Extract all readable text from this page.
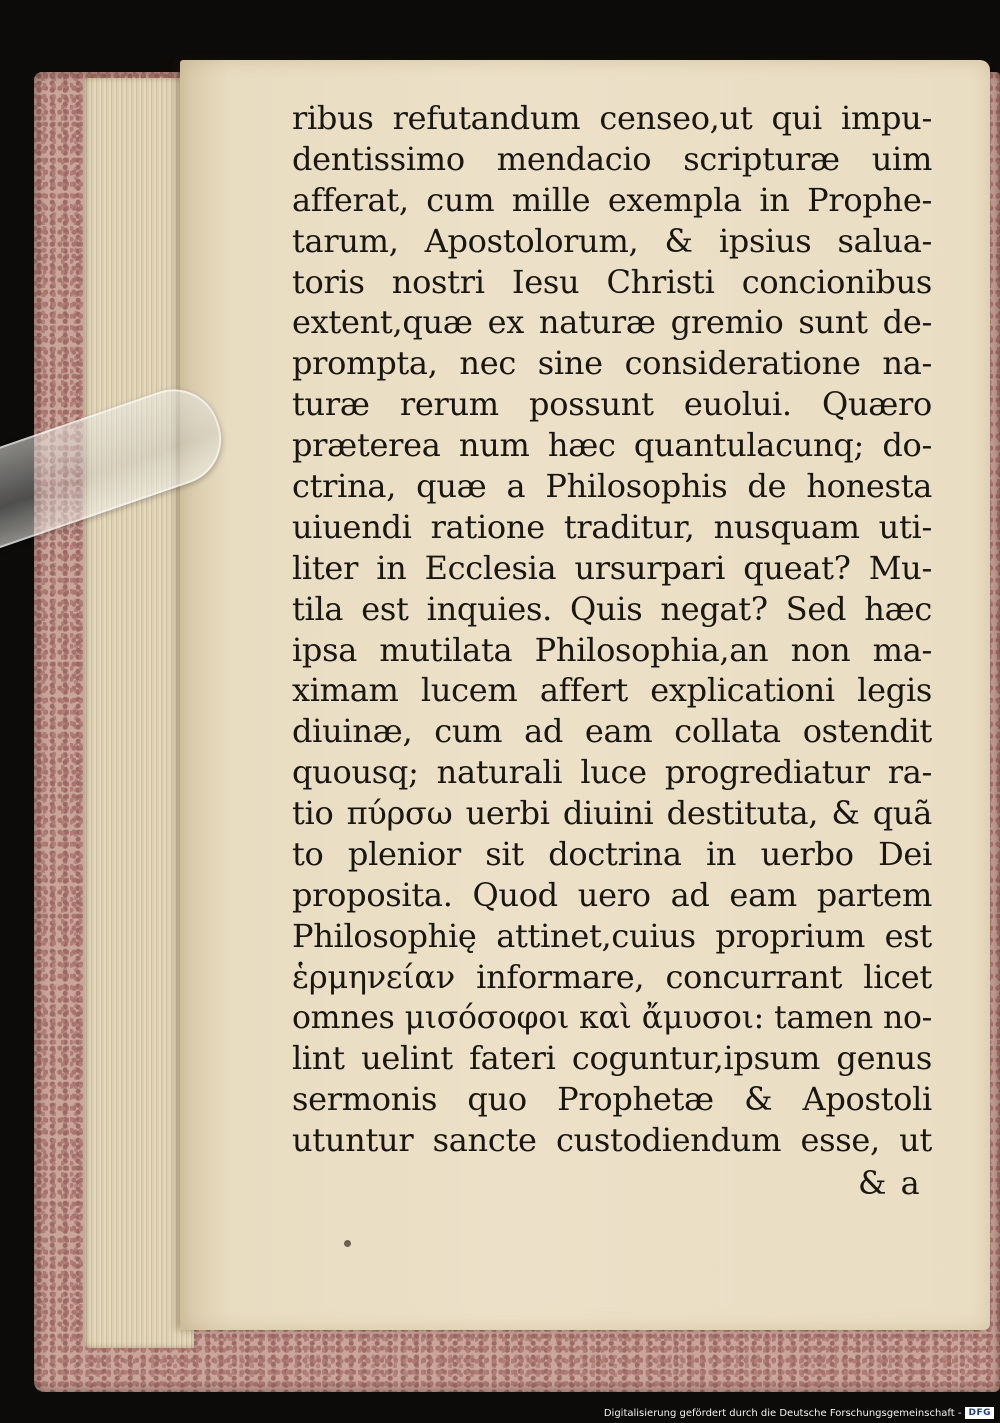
ribus refutandum censeo,ut qui impu-
dentissimo mendacio scripturæ uim
afferat, cum mille exempla in Prophe-
tarum, Apostolorum, & ipsius salua-
toris nostri Iesu Christi concionibus
extent,quæ ex naturæ gremio sunt de-
prompta, nec sine consideratione na-
turæ rerum possunt euolui. Quæro
præterea num hæc quantulacunq; do-
ctrina, quæ a Philosophis de honesta
uiuendi ratione traditur, nusquam uti-
liter in Ecclesia ursurpari queat? Mu-
tila est inquies. Quis negat? Sed hæc
ipsa mutilata Philosophia,an non ma-
ximam lucem affert explicationi legis
diuinæ, cum ad eam collata ostendit
quousq; naturali luce progrediatur ra-
tio πύρσω uerbi diuini destituta, & quã
to plenior sit doctrina in uerbo Dei
proposita. Quod uero ad eam partem
Philosophię attinet,cuius proprium est
ἑρμηνείαν informare, concurrant licet
omnes μισόσοφοι καὶ ἄμυσοι: tamen no-
lint uelint fateri coguntur,ipsum genus
sermonis quo Prophetæ & Apostoli
utuntur sancte custodiendum esse, ut
& a
Digitalisierung gefördert durch die Deutsche Forschungsgemeinschaft - DFG
